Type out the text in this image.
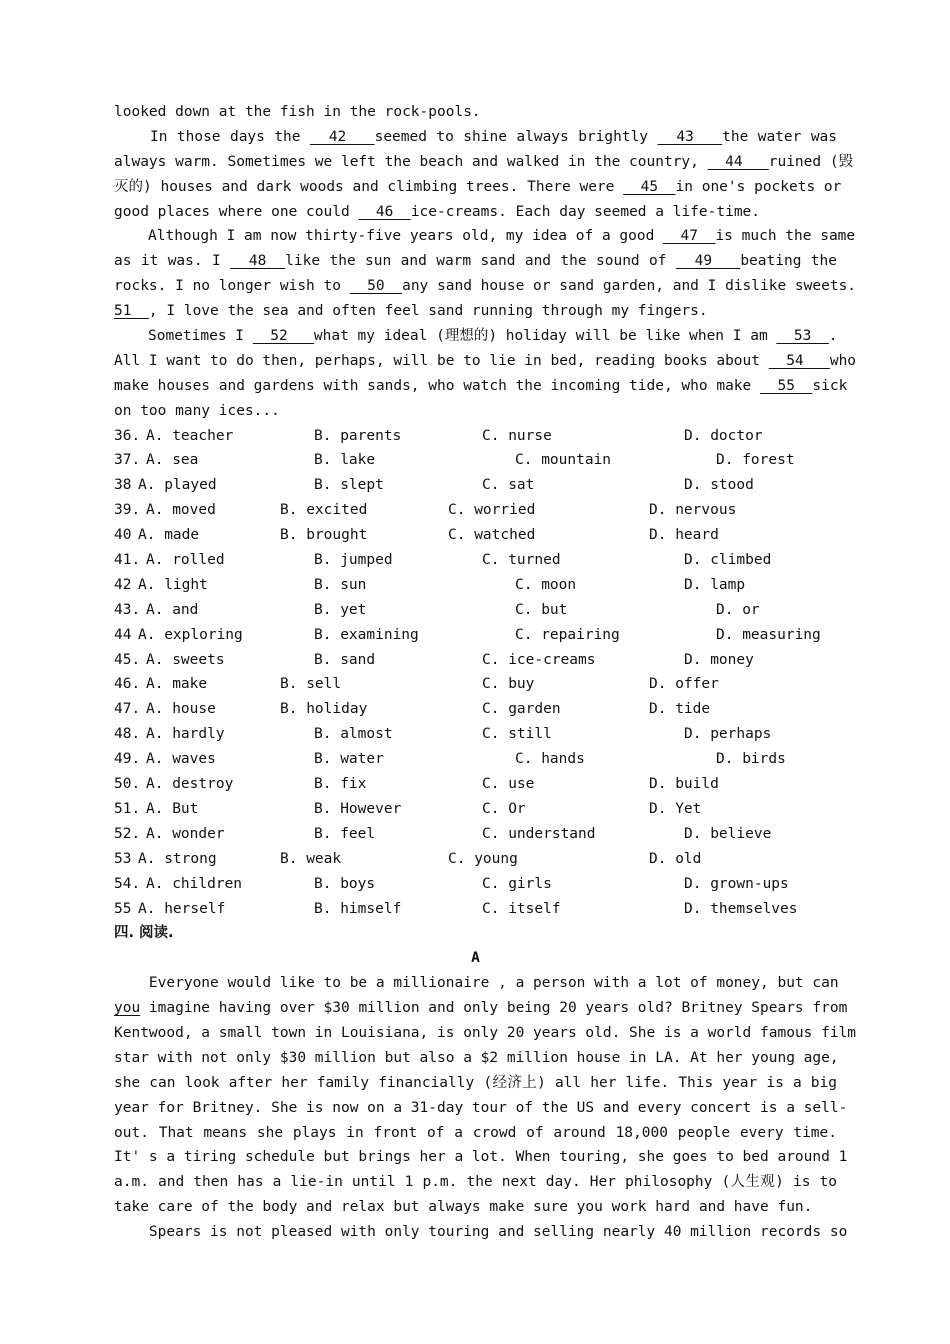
looked down at the fish in the rock-pools.
In those days the   42   seemed to shine always brightly   43   the water was
always warm. Sometimes we left the beach and walked in the country,   44   ruined (毁
灭的) houses and dark woods and climbing trees. There were   45  in one's pockets or
good places where one could   46  ice-creams. Each day seemed a life-time.
Although I am now thirty-five years old, my idea of a good   47  is much the same
as it was. I   48  like the sun and warm sand and the sound of   49   beating the
rocks. I no longer wish to   50  any sand house or sand garden, and I dislike sweets.
51  , I love the sea and often feel sand running through my fingers.
Sometimes I   52   what my ideal (理想的) holiday will be like when I am   53  .
All I want to do then, perhaps, will be to lie in bed, reading books about   54   who
make houses and gardens with sands, who watch the incoming tide, who make   55  sick
on too many ices...
36. A. teacher	B. parents	C. nurse	D. doctor
37. A. sea	B. lake	C. mountain	D. forest
38 A. played	B. slept	C. sat	D. stood
39. A. moved	B. excited	C. worried	D. nervous
40 A. made	B. brought	C. watched	D. heard
41. A. rolled	B. jumped	C. turned	D. climbed
42 A. light	B. sun	C. moon	D. lamp
43. A. and	B. yet	C. but	D. or
44 A. exploring	B. examining	C. repairing	D. measuring
45. A. sweets	B. sand	C. ice-creams	D. money
46. A. make	B. sell	C. buy	D. offer
47. A. house	B. holiday	C. garden	D. tide
48. A. hardly	B. almost	C. still	D. perhaps
49. A. waves	B. water	C. hands	D. birds
50. A. destroy	B. fix	C. use	D. build
51. A. But	B. However	C. Or	D. Yet
52. A. wonder	B. feel	C. understand	D. believe
53 A. strong	B. weak	C. young	D. old
54. A. children	B. boys	C. girls	D. grown-ups
55 A. herself	B. himself	C. itself	D. themselves
四. 阅读.
A
Everyone would like to be a millionaire , a person with a lot of money, but can
you imagine having over $30 million and only being 20 years old? Britney Spears from
Kentwood, a small town in Louisiana, is only 20 years old. She is a world famous film
star with not only $30 million but also a $2 million house in LA. At her young age,
she can look after her family financially (经济上) all her life. This year is a big
year for Britney. She is now on a 31-day tour of the US and every concert is a sell-
out. That means she plays in front of a crowd of around 18,000 people every time.
It' s a tiring schedule but brings her a lot. When touring, she goes to bed around 1
a.m. and then has a lie-in until 1 p.m. the next day. Her philosophy (人生观) is to
take care of the body and relax but always make sure you work hard and have fun.
Spears is not pleased with only touring and selling nearly 40 million records so
